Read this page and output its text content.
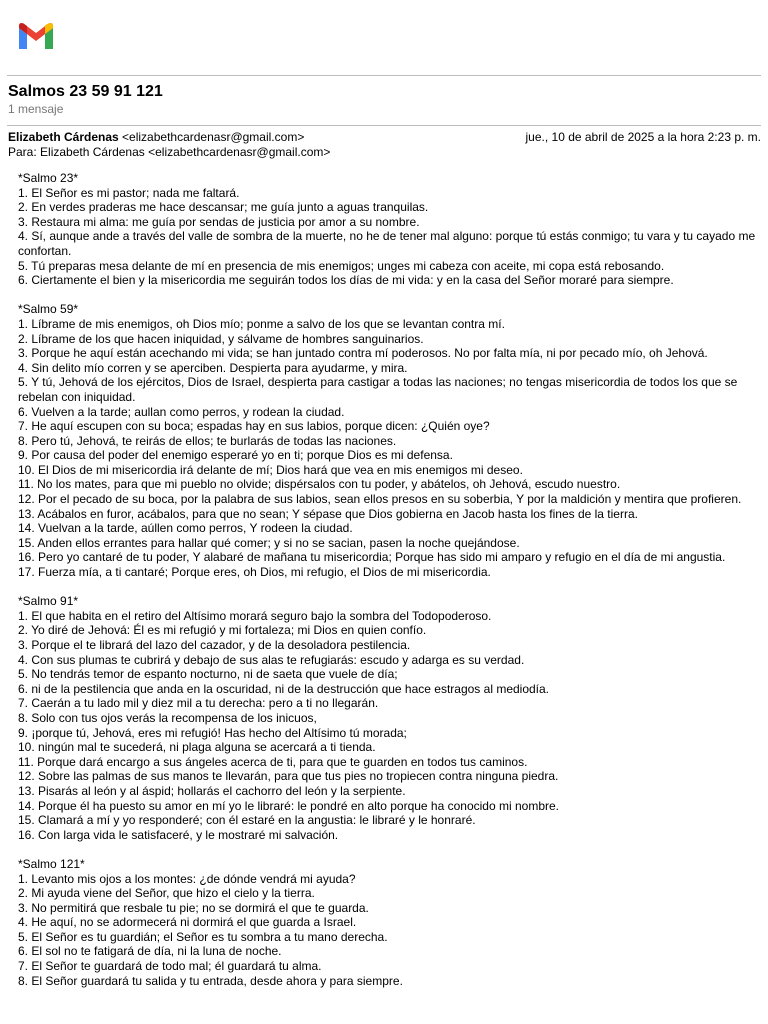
Salmos 23 59 91 121
1 mensaje
Elizabeth Cárdenas <elizabethcardenasr@gmail.com>	jue., 10 de abril de 2025 a la hora 2:23 p. m.
Para: Elizabeth Cárdenas <elizabethcardenasr@gmail.com>

*Salmo 23*

1. El Señor es mi pastor; nada me faltará.

2. En verdes praderas me hace descansar; me guía junto a aguas tranquilas.

3. Restaura mi alma: me guía por sendas de justicia por amor a su nombre.

4. Sí, aunque ande a través del valle de sombra de la muerte, no he de tener mal alguno: porque tú estás conmigo; tu vara y tu cayado me confortan.

5. Tú preparas mesa delante de mí en presencia de mis enemigos; unges mi cabeza con aceite, mi copa está rebosando.

6. Ciertamente el bien y la misericordia me seguirán todos los días de mi vida: y en la casa del Señor moraré para siempre.

*Salmo 59*

1. Líbrame de mis enemigos, oh Dios mío; ponme a salvo de los que se levantan contra mí.

2. Líbrame de los que hacen iniquidad, y sálvame de hombres sanguinarios.

3. Porque he aquí están acechando mi vida; se han juntado contra mí poderosos. No por falta mía, ni por pecado mío, oh Jehová.

4. Sin delito mío corren y se aperciben. Despierta para ayudarme, y mira.

5. Y tú, Jehová de los ejércitos, Dios de Israel, despierta para castigar a todas las naciones; no tengas misericordia de todos los que se rebelan con iniquidad.

6. Vuelven a la tarde; aullan como perros, y rodean la ciudad.

7. He aquí escupen con su boca; espadas hay en sus labios, porque dicen: ¿Quién oye?

8. Pero tú, Jehová, te reirás de ellos; te burlarás de todas las naciones.

9. Por causa del poder del enemigo esperaré yo en ti; porque Dios es mi defensa.

10. El Dios de mi misericordia irá delante de mí; Dios hará que vea en mis enemigos mi deseo.

11. No los mates, para que mi pueblo no olvide; dispérsalos con tu poder, y abátelos, oh Jehová, escudo nuestro.

12. Por el pecado de su boca, por la palabra de sus labios, sean ellos presos en su soberbia, Y por la maldición y mentira que profieren.

13. Acábalos en furor, acábalos, para que no sean; Y sépase que Dios gobierna en Jacob hasta los fines de la tierra.

14. Vuelvan a la tarde, aúllen como perros, Y rodeen la ciudad.

15. Anden ellos errantes para hallar qué comer; y si no se sacian, pasen la noche quejándose.

16. Pero yo cantaré de tu poder, Y alabaré de mañana tu misericordia; Porque has sido mi amparo y refugio en el día de mi angustia.

17. Fuerza mía, a ti cantaré; Porque eres, oh Dios, mi refugio, el Dios de mi misericordia.

*Salmo 91*

1. El que habita en el retiro del Altísimo morará seguro bajo la sombra del Todopoderoso.

2. Yo diré de Jehová: Él es mi refugió y mi fortaleza; mi Dios en quien confío.

3. Porque el te librará del lazo del cazador, y de la desoladora pestilencia.

4. Con sus plumas te cubrirá y debajo de sus alas te refugiarás: escudo y adarga es su verdad.

5. No tendrás temor de espanto nocturno, ni de saeta que vuele de día;

6. ni de la pestilencia que anda en la oscuridad, ni de la destrucción que hace estragos al mediodía.

7. Caerán a tu lado mil y diez mil a tu derecha: pero a ti no llegarán.

8. Solo con tus ojos verás la recompensa de los inicuos,

9. ¡porque tú, Jehová, eres mi refugió! Has hecho del Altísimo tú morada;

10. ningún mal te sucederá, ni plaga alguna se acercará a ti tienda.

11. Porque dará encargo a sus ángeles acerca de ti, para que te guarden en todos tus caminos.

12. Sobre las palmas de sus manos te llevarán, para que tus pies no tropiecen contra ninguna piedra.

13. Pisarás al león y al áspid; hollarás el cachorro del león y la serpiente.

14. Porque él ha puesto su amor en mí yo le libraré: le pondré en alto porque ha conocido mi nombre.

15. Clamará a mí y yo responderé; con él estaré en la angustia: le libraré y le honraré.

16. Con larga vida le satisfaceré, y le mostraré mi salvación.

*Salmo 121*

1. Levanto mis ojos a los montes: ¿de dónde vendrá mi ayuda?

2. Mi ayuda viene del Señor, que hizo el cielo y la tierra.

3. No permitirá que resbale tu pie; no se dormirá el que te guarda.

4. He aquí, no se adormecerá ni dormirá el que guarda a Israel.

5. El Señor es tu guardián; el Señor es tu sombra a tu mano derecha.

6. El sol no te fatigará de día, ni la luna de noche.

7. El Señor te guardará de todo mal; él guardará tu alma.

8. El Señor guardará tu salida y tu entrada, desde ahora y para siempre.
